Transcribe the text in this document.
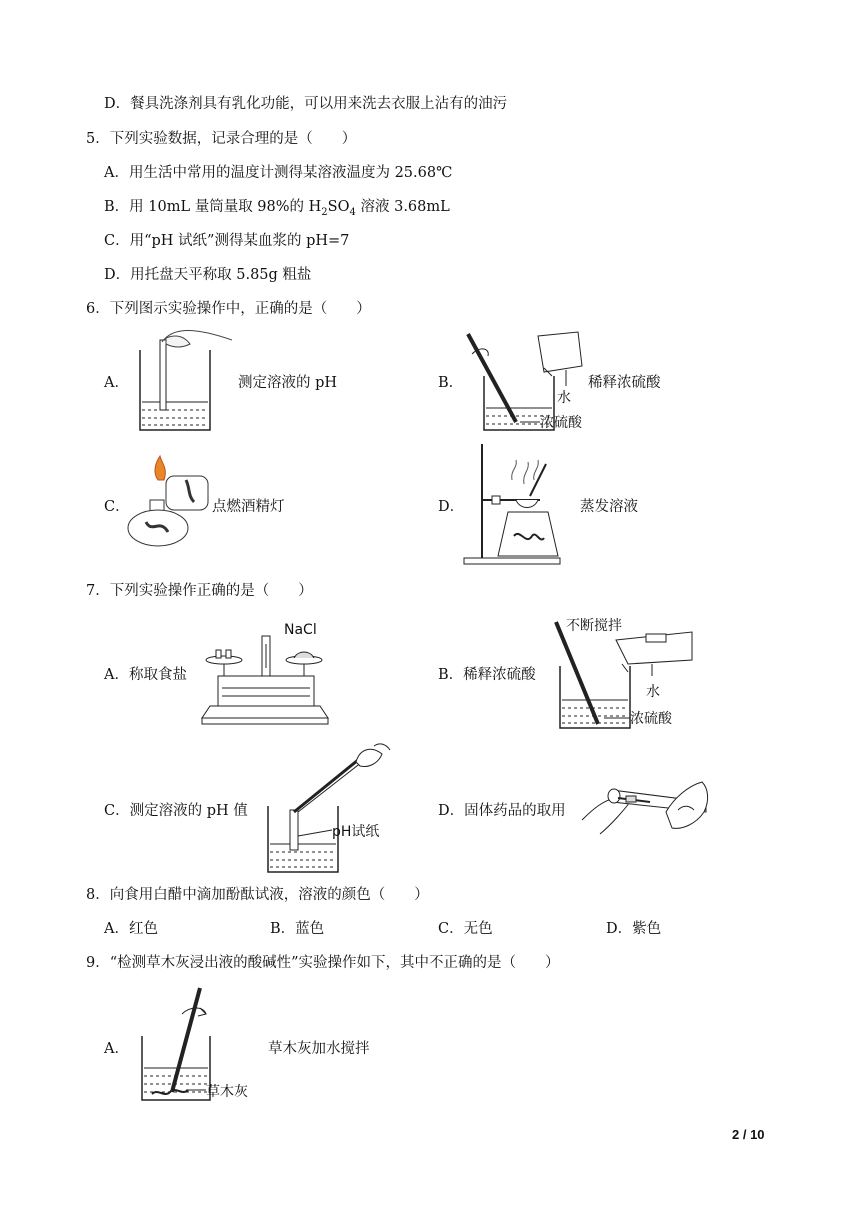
D．餐具洗涤剂具有乳化功能，可以用来洗去衣服上沾有的油污
5．下列实验数据，记录合理的是（　　）
A．用生活中常用的温度计测得某溶液温度为 25.68℃
B．用 10mL 量筒量取 98%的 $H_2SO_4$ 溶液 3.68mL
C．用“pH 试纸”测得某血浆的 pH=7
D．用托盘天平称取 5.85g 粗盐
6．下列图示实验操作中，正确的是（　　）
A．	测定溶液的 pH	B．
水
浓硫酸
稀释浓硫酸
C．	点燃酒精灯	D．	蒸发溶液
7．下列实验操作正确的是（　　）
A．称取食盐
NaCl
B．稀释浓硫酸
不断搅拌
水
浓硫酸
C．测定溶液的 pH 值
pH试纸
D．固体药品的取用
8．向食用白醋中滴加酚酞试液，溶液的颜色（　　）
A．红色	B．蓝色	C．无色	D．紫色
9．“检测草木灰浸出液的酸碱性”实验操作如下，其中不正确的是（　　）
A．
草木灰
草木灰加水搅拌
2 / 10
